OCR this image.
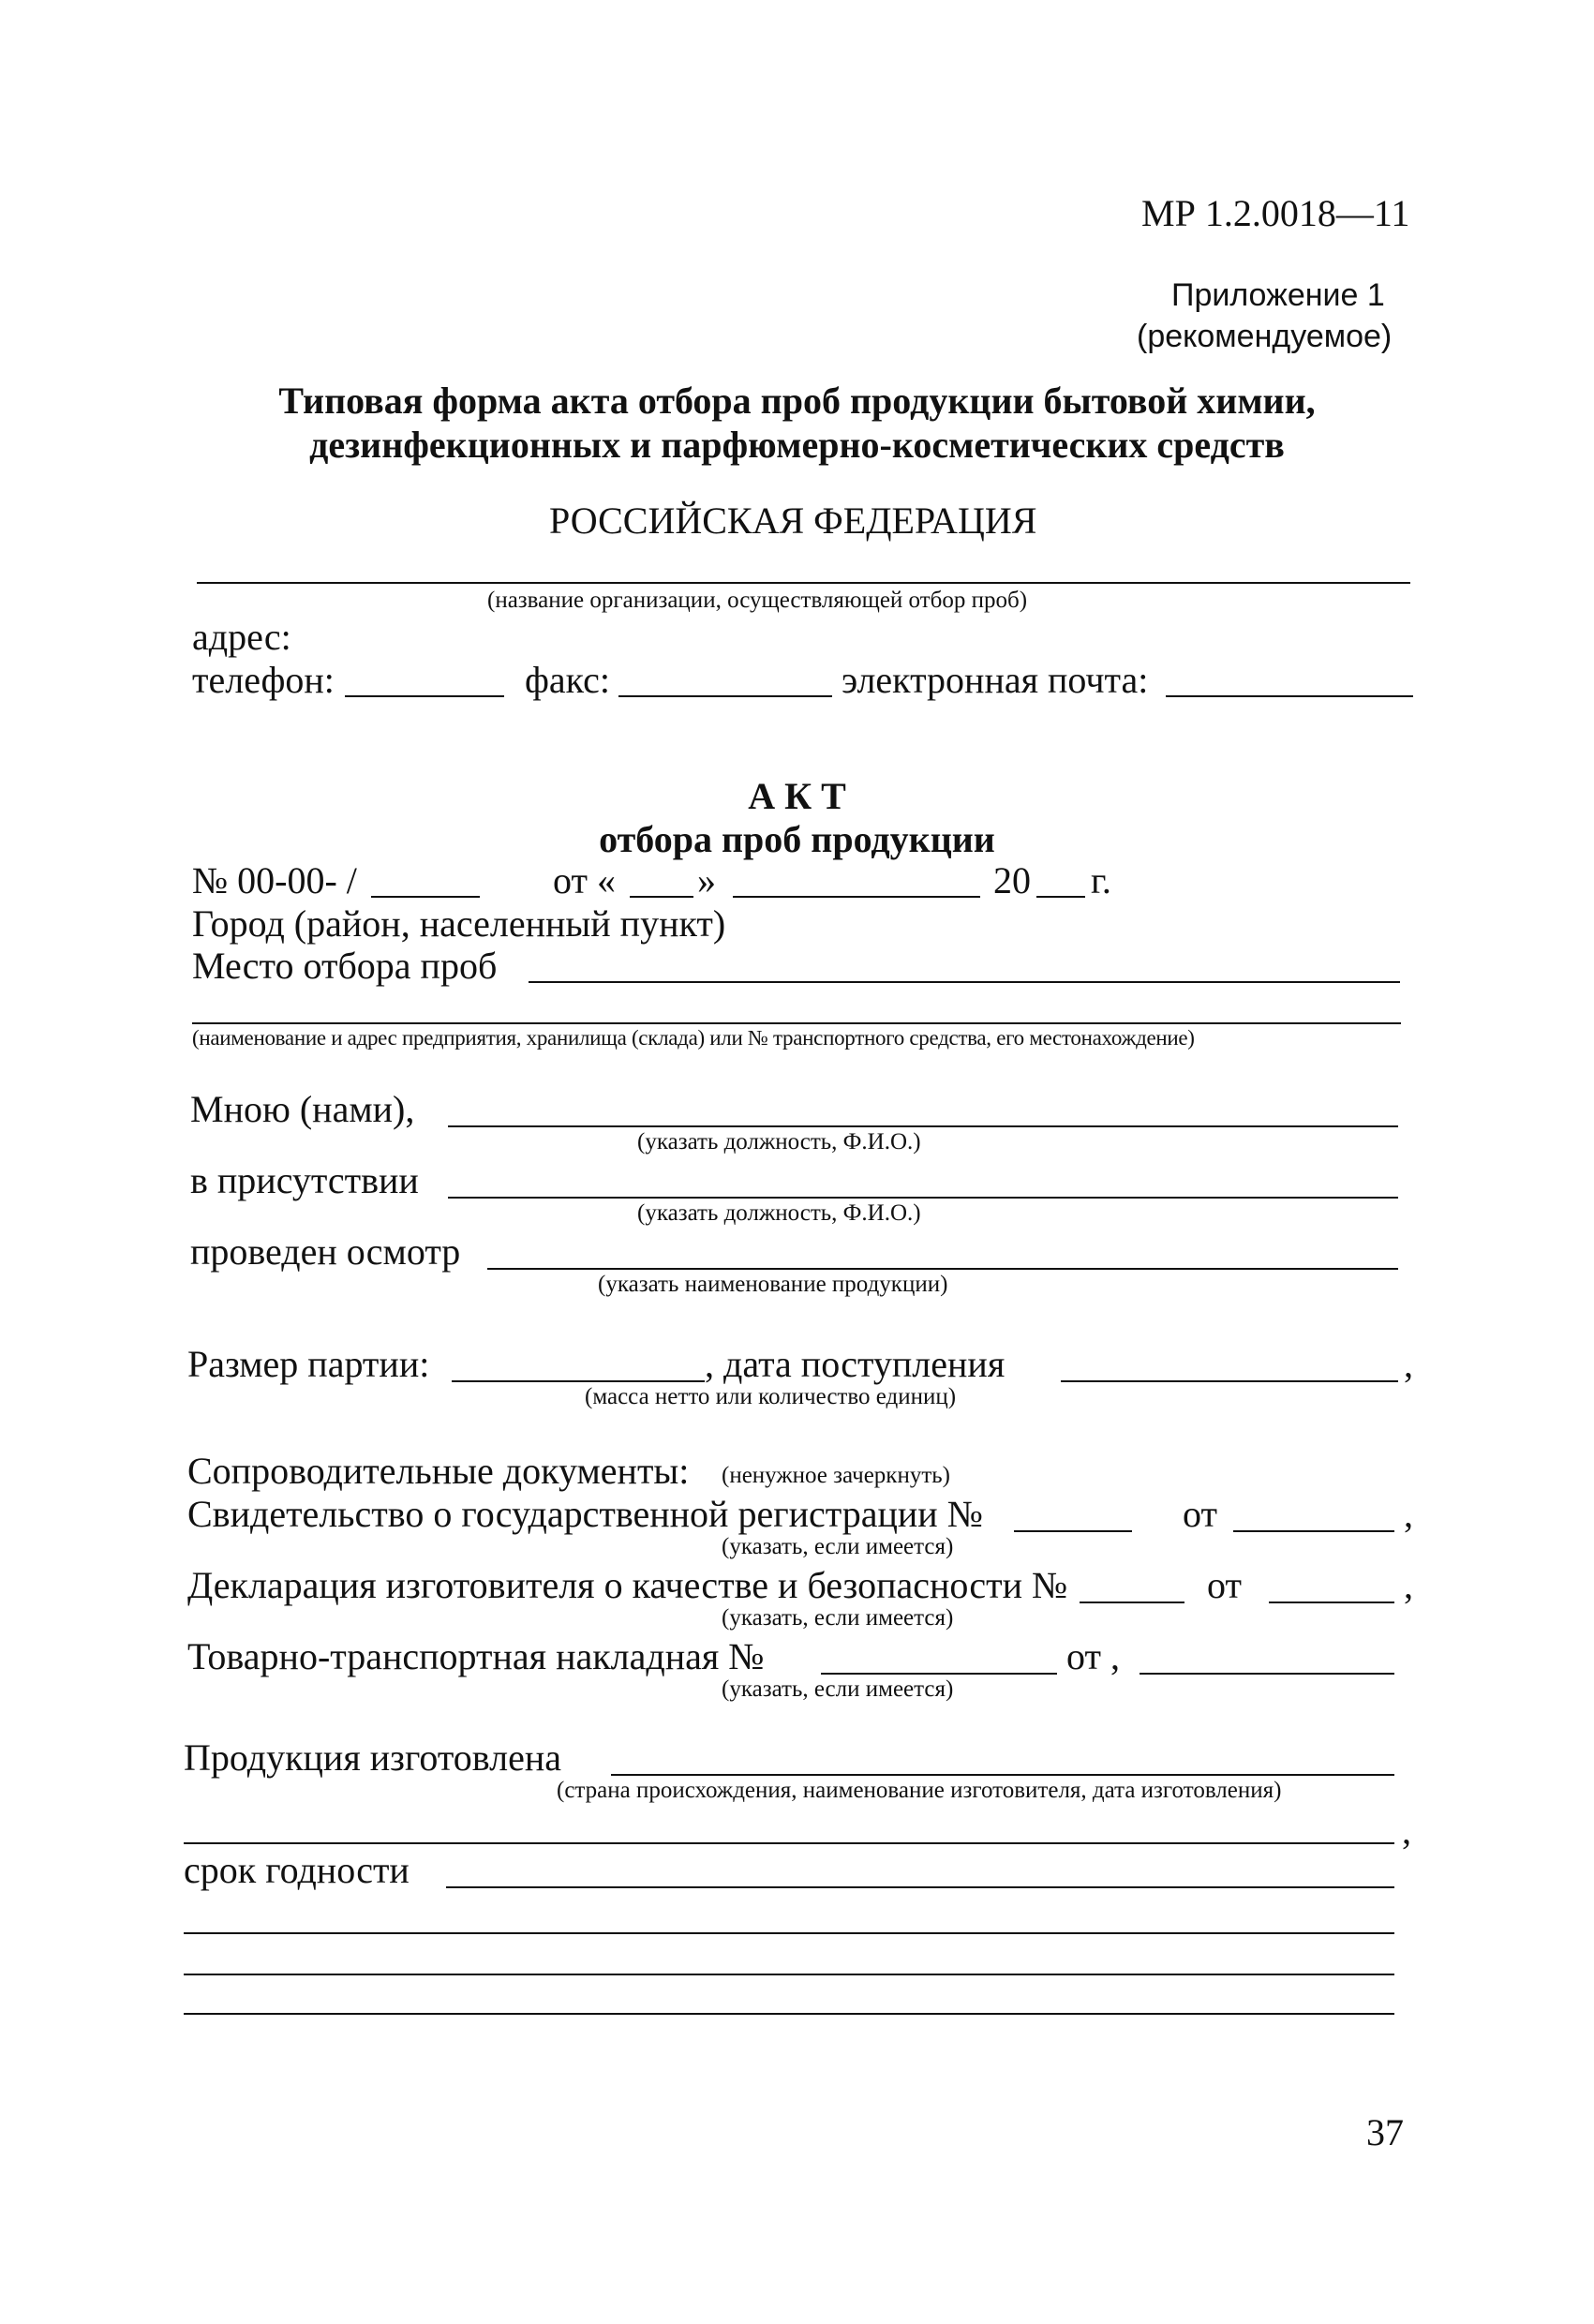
МР 1.2.0018—11
Приложение 1
(рекомендуемое)
Типовая форма акта отбора проб продукции бытовой химии,
дезинфекционных и парфюмерно-косметических средств
РОССИЙСКАЯ ФЕДЕРАЦИЯ
(название организации, осуществляющей отбор проб)
адрес:
телефон:	факс:	электронная почта:
А К Т
отбора проб продукции
№ 00-00- /	от « »	20 г.
Город (район, населенный пункт)
Место отбора проб
(наименование и адрес предприятия, хранилища (склада) или № транспортного средства, его местонахождение)
Мною (нами),
(указать должность, Ф.И.О.)
в присутствии
(указать должность, Ф.И.О.)
проведен осмотр
(указать наименование продукции)
Размер партии:	, дата поступления	,
(масса нетто или количество единиц)
Сопроводительные документы: (ненужное зачеркнуть)
Свидетельство о государственной регистрации №	от	,
(указать, если имеется)
Декларация изготовителя о качестве и безопасности №	от	,
(указать, если имеется)
Товарно-транспортная накладная №	от ,
(указать, если имеется)
Продукция изготовлена
(страна происхождения, наименование изготовителя, дата изготовления)
,
срок годности
37
